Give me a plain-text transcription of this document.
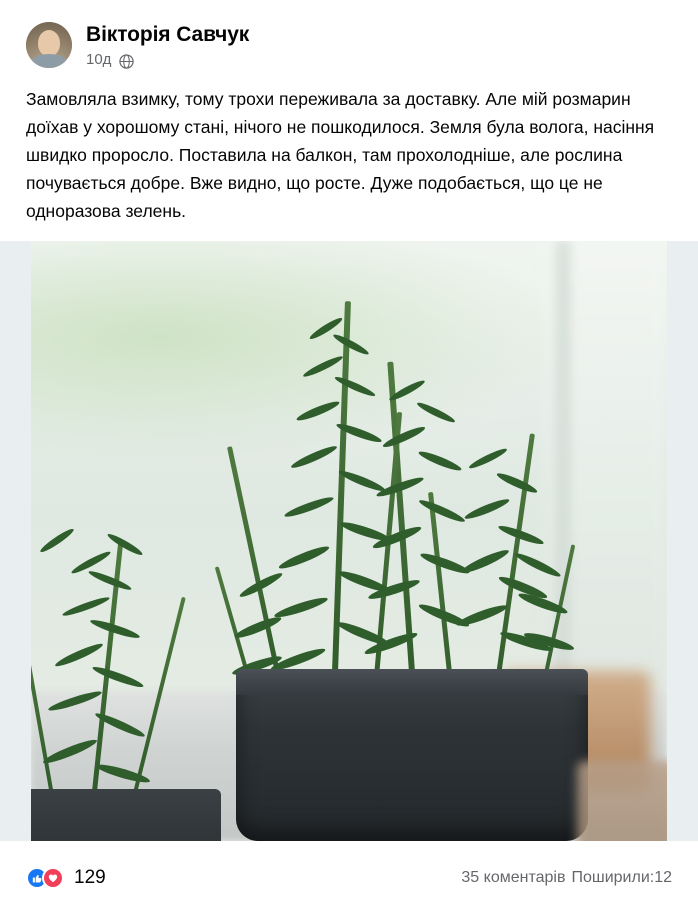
Вікторія Савчук
10д
Замовляла взимку, тому трохи переживала за доставку. Але мій розмарин доїхав у хорошому стані, нічого не пошкодилося. Земля була волога, насіння швидко проросло. Поставила на балкон, там прохолодніше, але рослина почувається добре. Вже видно, що росте. Дуже подобається, що це не одноразова зелень.
129	35 коментарів Поширили:12
